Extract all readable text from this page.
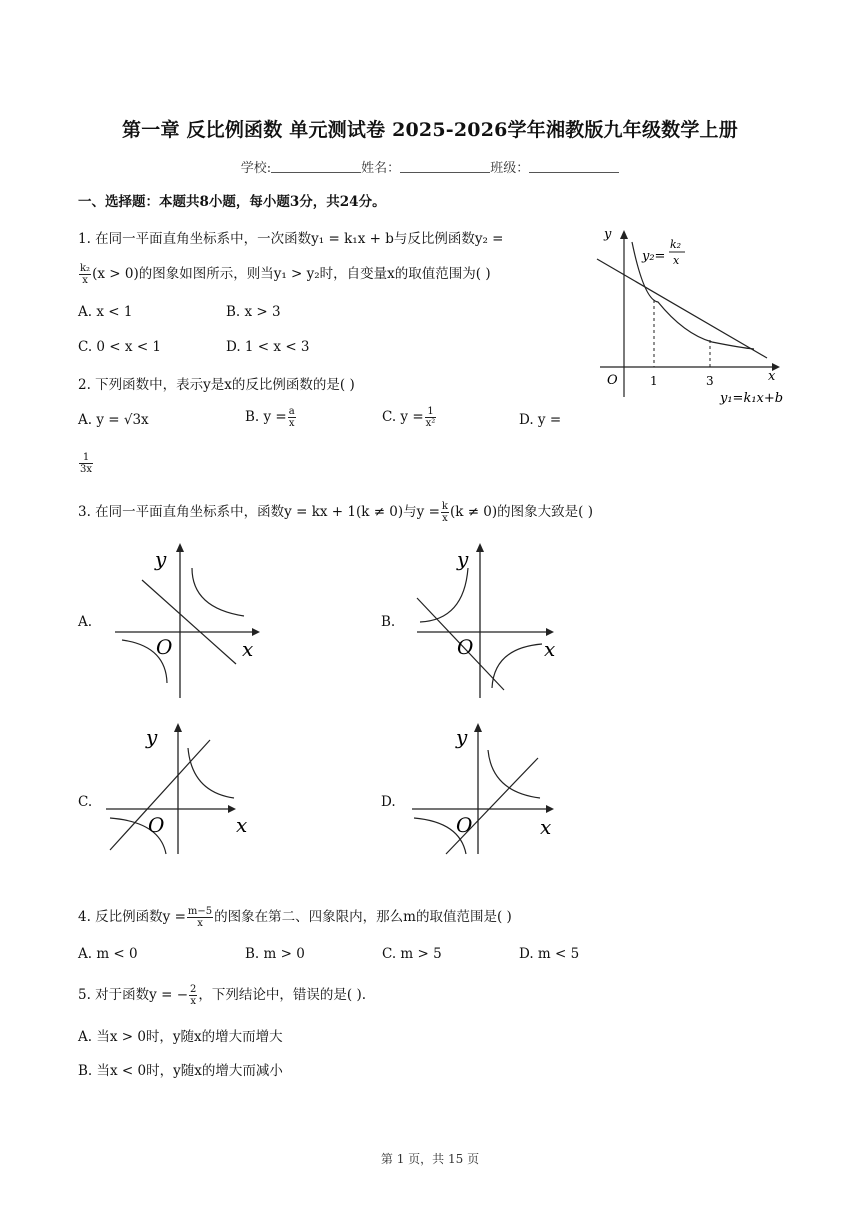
第一章 反比例函数 单元测试卷 2025-2026学年湘教版九年级数学上册
学校:	姓名：	班级：
一、选择题：本题共8小题，每小题3分，共24分。
1. 在同一平面直角坐标系中，一次函数y₁ = k₁x + b与反比例函数y₂ =
$\frac{\text{k₂}}{x} (x > 0)$的图象如图所示，则当y₁ > y₂时，自变量x的取值范围为( )
A. x < 1	B. x > 3
C. 0 < x < 1	D. 1 < x < 3
y
x
O	1	3
y₂=
k₂
x
y₁=k₁x+b
2. 下列函数中，表示y是x的反比例函数的是( )
A. y = √3x	B. $y = \frac{a}{x}$	C. $y = \frac{1}{\text{x²}}$	D. y =
$\frac{1}{3x}$
3. 在同一平面直角坐标系中，函数y = kx + 1(k ≠ 0)与$y = \frac{k}{x} (k \ne 0)$的图象大致是( )
A.	B.
C.	D.
y
x
O
y
x
O
y
x
O
y
x
O
4. 反比例函数$y = \frac{m-5}{x}$ 的图象在第二、四象限内，那么m的取值范围是( )
A. m < 0	B. m > 0	C. m > 5	D. m < 5
5. 对于函数y = − $\frac{2}{x}$ ，下列结论中，错误的是( ).
A. 当x > 0时，y随x的增大而增大
B. 当x < 0时，y随x的增大而减小
第 1 页，共 15 页
